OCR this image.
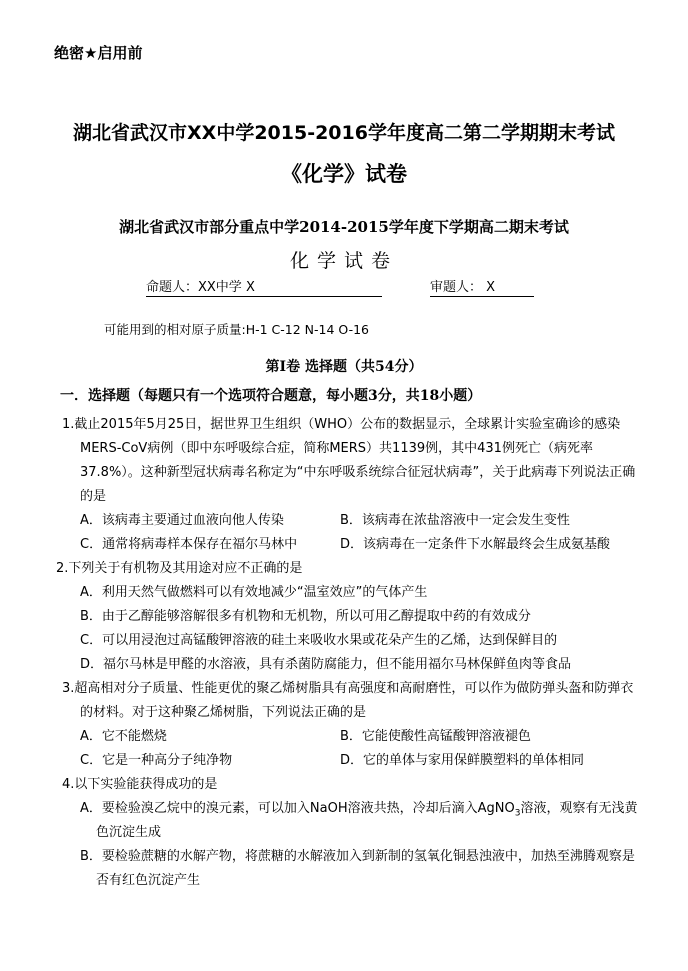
绝密★启用前
湖北省武汉市XX中学2015-2016学年度高二第二学期期末考试
《化学》试卷
湖北省武汉市部分重点中学2014-2015学年度下学期高二期末考试
化学试卷
命题人：XX中学 X	审题人： X
可能用到的相对原子质量:H-1 C-12 N-14 O-16
第Ⅰ卷 选择题（共54分）
一．选择题（每题只有一个选项符合题意，每小题3分，共18小题）
1.截止2015年5月25日，据世界卫生组织（WHO）公布的数据显示，全球累计实验室确诊的感染MERS-CoV病例（即中东呼吸综合症，简称MERS）共1139例，其中431例死亡（病死率37.8%）。这种新型冠状病毒名称定为“中东呼吸系统综合征冠状病毒”，关于此病毒下列说法正确的是
A．该病毒主要通过血液向他人传染	B．该病毒在浓盐溶液中一定会发生变性
C．通常将病毒样本保存在福尔马林中	D．该病毒在一定条件下水解最终会生成氨基酸
2.下列关于有机物及其用途对应不正确的是
A．利用天然气做燃料可以有效地减少“温室效应”的气体产生
B．由于乙醇能够溶解很多有机物和无机物，所以可用乙醇提取中药的有效成分
C．可以用浸泡过高锰酸钾溶液的硅土来吸收水果或花朵产生的乙烯，达到保鲜目的
D．福尔马林是甲醛的水溶液，具有杀菌防腐能力，但不能用福尔马林保鲜鱼肉等食品
3.超高相对分子质量、性能更优的聚乙烯树脂具有高强度和高耐磨性，可以作为做防弹头盔和防弹衣的材料。对于这种聚乙烯树脂，下列说法正确的是
A．它不能燃烧	B．它能使酸性高锰酸钾溶液褪色
C．它是一种高分子纯净物	D．它的单体与家用保鲜膜塑料的单体相同
4.以下实验能获得成功的是
A．要检验溴乙烷中的溴元素，可以加入NaOH溶液共热，冷却后滴入AgNO$_3$溶液，观察有无浅黄色沉淀生成
B．要检验蔗糖的水解产物，将蔗糖的水解液加入到新制的氢氧化铜悬浊液中，加热至沸腾观察是否有红色沉淀产生
